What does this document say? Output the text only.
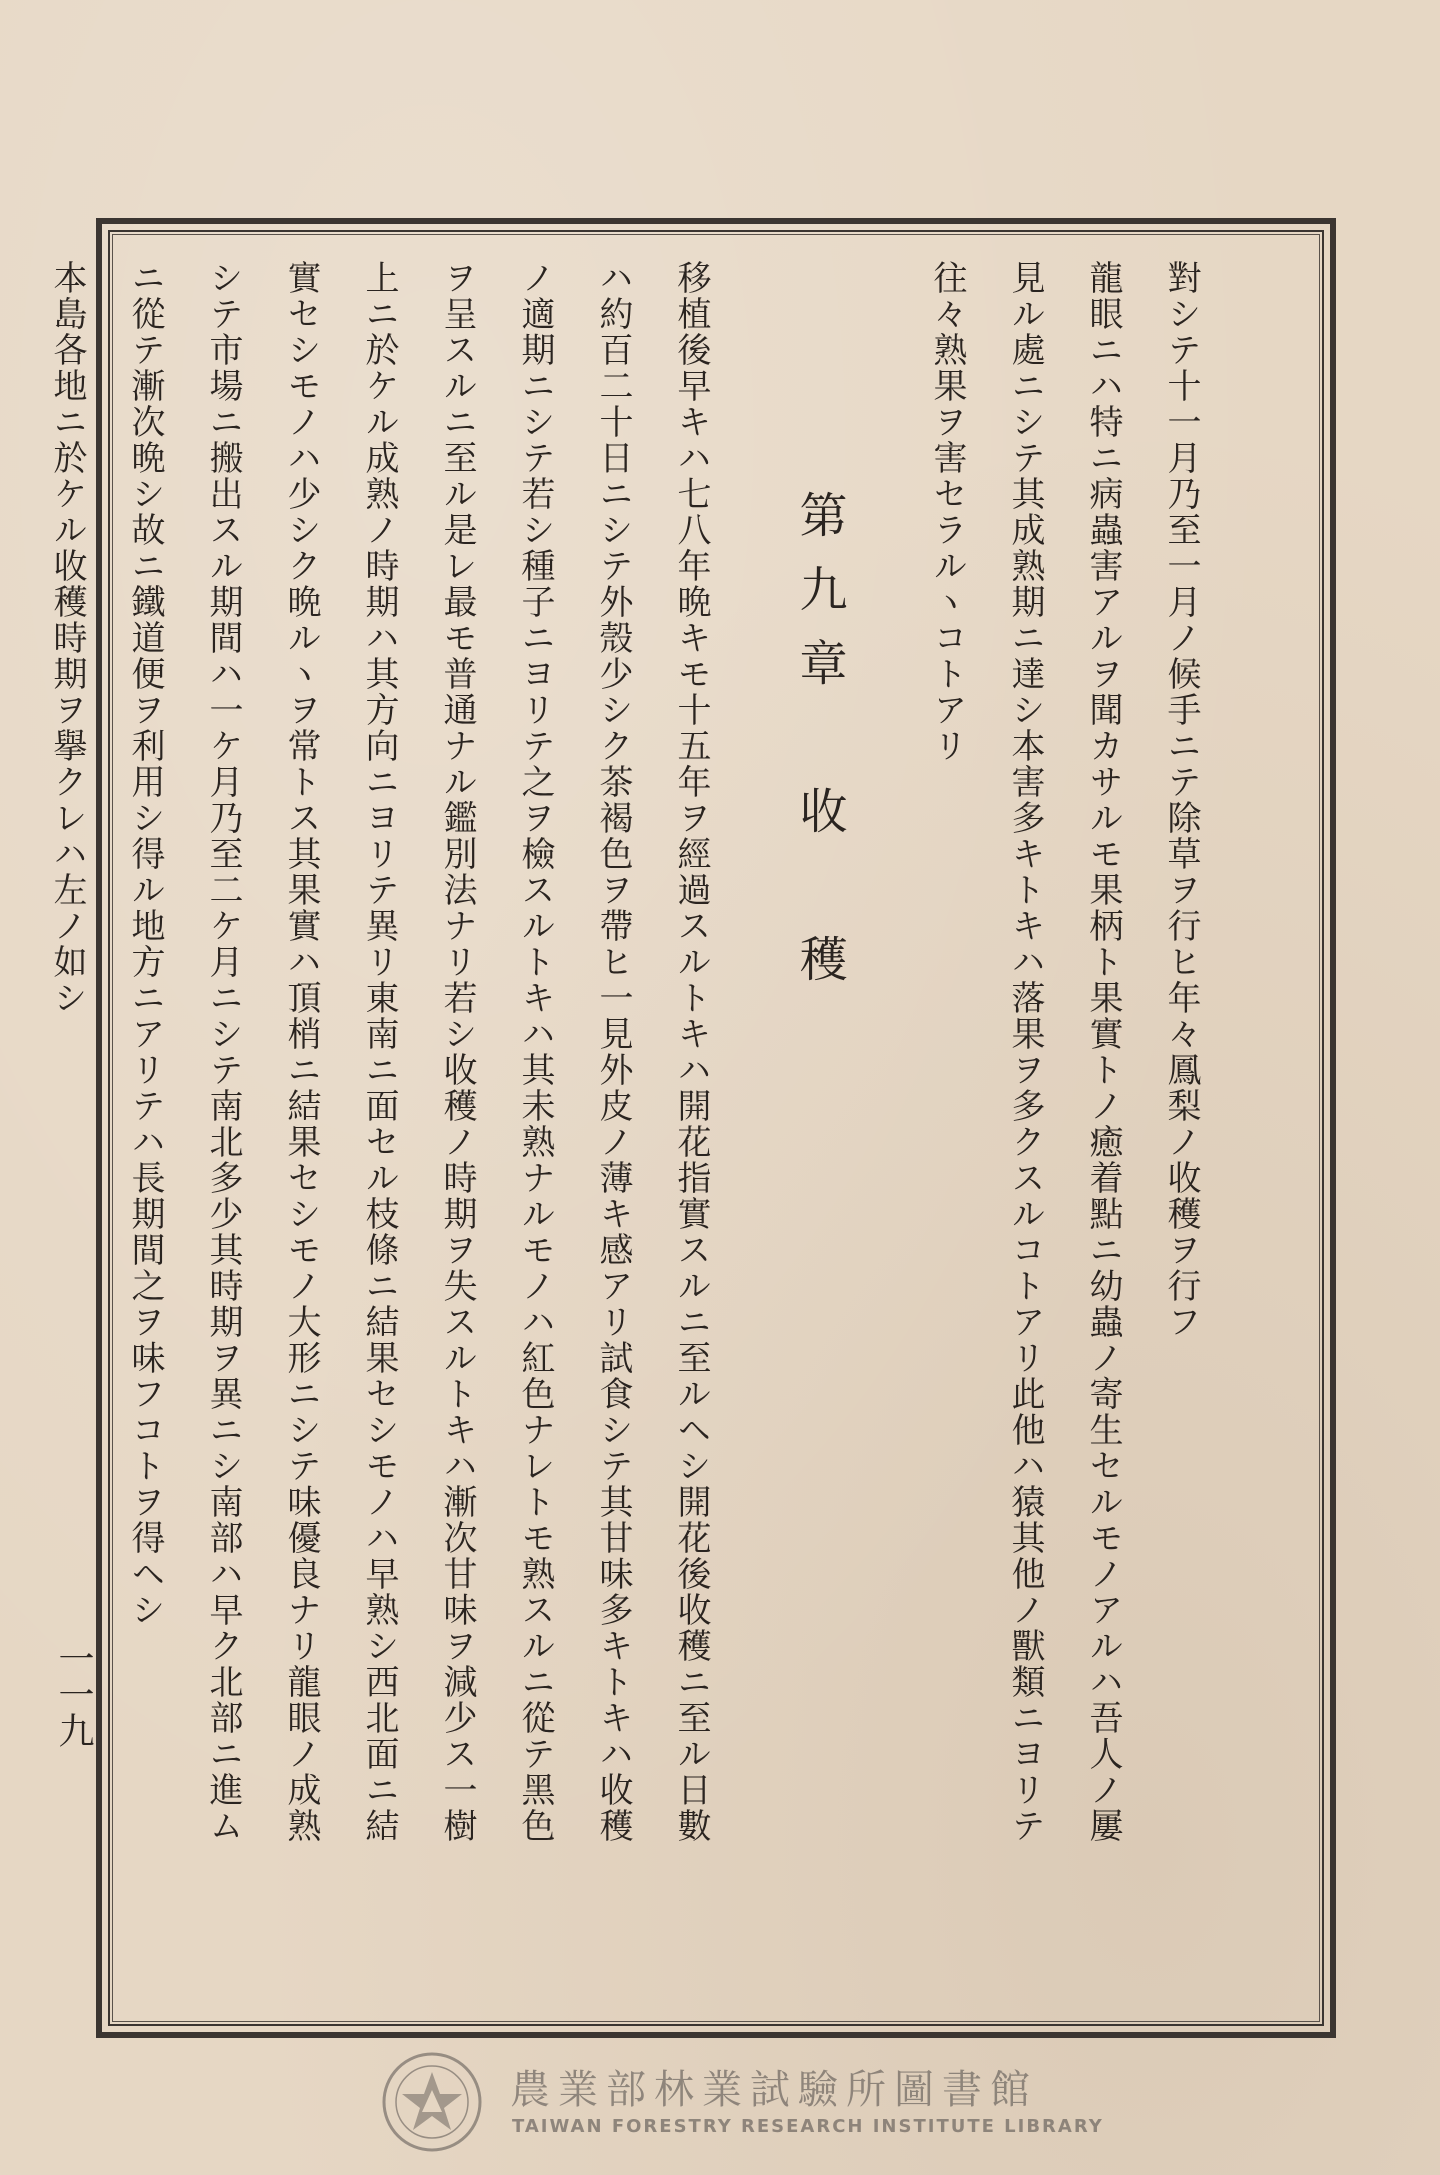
對シテ十一月乃至一月ノ候手ニテ除草ヲ行ヒ年々鳳梨ノ收穫ヲ行フ
龍眼ニハ特ニ病蟲害アルヲ聞カサルモ果柄ト果實トノ癒着點ニ幼蟲ノ寄生セルモノアルハ吾人ノ屢
見ル處ニシテ其成熟期ニ達シ本害多キトキハ落果ヲ多クスルコトアリ此他ハ猿其他ノ獸類ニヨリテ
往々熟果ヲ害セラルヽコトアリ
第九章　收　穫
移植後早キハ七八年晩キモ十五年ヲ經過スルトキハ開花指實スルニ至ルヘシ開花後收穫ニ至ル日數
ハ約百二十日ニシテ外殼少シク茶褐色ヲ帶ヒ一見外皮ノ薄キ感アリ試食シテ其甘味多キトキハ收穫
ノ適期ニシテ若シ種子ニヨリテ之ヲ檢スルトキハ其未熟ナルモノハ紅色ナレトモ熟スルニ從テ黑色
ヲ呈スルニ至ル是レ最モ普通ナル鑑別法ナリ若シ收穫ノ時期ヲ失スルトキハ漸次甘味ヲ減少ス一樹
上ニ於ケル成熟ノ時期ハ其方向ニヨリテ異リ東南ニ面セル枝條ニ結果セシモノハ早熟シ西北面ニ結
實セシモノハ少シク晩ルヽヲ常トス其果實ハ頂梢ニ結果セシモノ大形ニシテ味優良ナリ龍眼ノ成熟
シテ市場ニ搬出スル期間ハ一ケ月乃至二ケ月ニシテ南北多少其時期ヲ異ニシ南部ハ早ク北部ニ進ム
ニ從テ漸次晩シ故ニ鐵道便ヲ利用シ得ル地方ニアリテハ長期間之ヲ味フコトヲ得ヘシ
本島各地ニ於ケル收穫時期ヲ擧クレハ左ノ如シ
一一九
農業部林業試驗所圖書館
TAIWAN FORESTRY RESEARCH INSTITUTE LIBRARY
